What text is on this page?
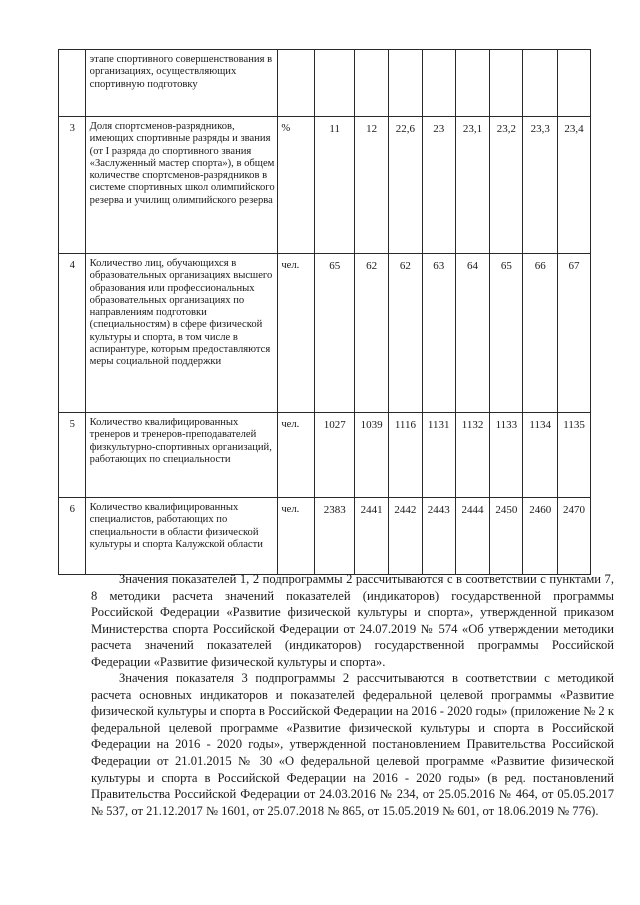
	этапе спортивного совершенствования в организациях, осуществляющих спортивную подготовку									
3	Доля спортсменов-разрядников, имеющих спортивные разряды и звания (от I разряда до спортивного звания «Заслуженный мастер спорта»), в общем количестве спортсменов-разрядников в системе спортивных школ олимпийского резерва и училищ олимпийского резерва	%	11	12	22,6	23	23,1	23,2	23,3	23,4
4	Количество лиц, обучающихся в образовательных организациях высшего образования или профессиональных образовательных организациях по направлениям подготовки (специальностям) в сфере физической культуры и спорта, в том числе в аспирантуре, которым предоставляются меры социальной поддержки	чел.	65	62	62	63	64	65	66	67
5	Количество квалифицированных тренеров и тренеров-преподавателей физкультурно-спортивных организаций, работающих по специальности	чел.	1027	1039	1116	1131	1132	1133	1134	1135
6	Количество квалифицированных специалистов, работающих по специальности в области физической культуры и спорта Калужской области	чел.	2383	2441	2442	2443	2444	2450	2460	2470

Значения показателей 1, 2 подпрограммы 2 рассчитываются с в соответствии с пунктами 7, 8 методики расчета значений показателей (индикаторов) государственной программы Российской Федерации «Развитие физической культуры и спорта», утвержденной приказом Министерства спорта Российской Федерации от 24.07.2019 № 574 «Об утверждении методики расчета значений показателей (индикаторов) государственной программы Российской Федерации «Развитие физической культуры и спорта».

Значения показателя 3 подпрограммы 2 рассчитываются в соответствии с методикой расчета основных индикаторов и показателей федеральной целевой программы «Развитие физической культуры и спорта в Российской Федерации на 2016 - 2020 годы» (приложение № 2 к федеральной целевой программе «Развитие физической культуры и спорта в Российской Федерации на 2016 - 2020 годы», утвержденной постановлением Правительства Российской Федерации от 21.01.2015 № 30 «О федеральной целевой программе «Развитие физической культуры и спорта в Российской Федерации на 2016 - 2020 годы» (в ред. постановлений Правительства Российской Федерации от 24.03.2016 № 234, от 25.05.2016 № 464, от 05.05.2017 № 537, от 21.12.2017 № 1601, от 25.07.2018 № 865, от 15.05.2019 № 601, от 18.06.2019 № 776).
